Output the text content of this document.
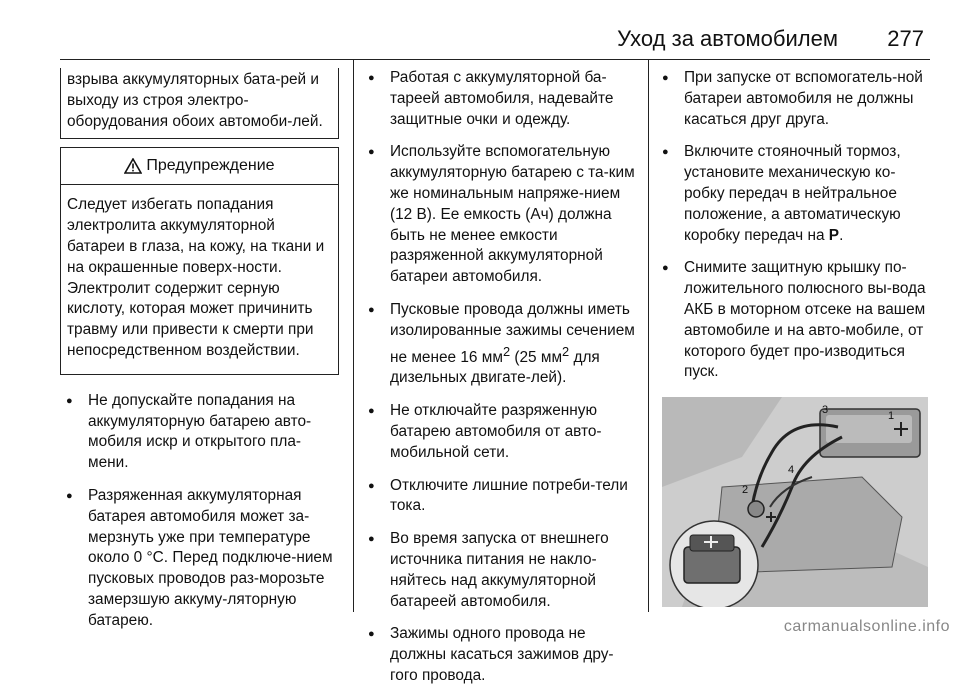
Уход за автомобилем 277

взрыва аккумуляторных бата-рей и выходу из строя электро-оборудования обоих автомоби-лей.

Предупреждение

Следует избегать попадания электролита аккумуляторной батареи в глаза, на кожу, на ткани и на окрашенные поверх-ности. Электролит содержит серную кислоту, которая может причинить травму или привести к смерти при непосредственном воздействии.

● Не допускайте попадания на аккумуляторную батарею авто-мобиля искр и открытого пла-мени.
● Разряженная аккумуляторная батарея автомобиля может за-мерзнуть уже при температуре около 0 °C. Перед подключе-нием пусковых проводов раз-морозьте замерзшую аккуму-ляторную батарею.
● Работая с аккумуляторной ба-тареей автомобиля, надевайте защитные очки и одежду.
● Используйте вспомогательную аккумуляторную батарею с та-ким же номинальным напряже-нием (12 В). Ее емкость (Ач) должна быть не менее емкости разряженной аккумуляторной батареи автомобиля.
● Пусковые провода должны иметь изолированные зажимы сечением не менее 16 $мм^2$ (25 $мм^2$ для дизельных двигате-лей).
● Не отключайте разряженную батарею автомобиля от авто-мобильной сети.
● Отключите лишние потреби-тели тока.
● Во время запуска от внешнего источника питания не накло-няйтесь над аккумуляторной батареей автомобиля.
● Зажимы одного провода не должны касаться зажимов дру-гого провода.
● При запуске от вспомогатель-ной батареи автомобиля не должны касаться друг друга.
● Включите стояночный тормоз, установите механическую ко-робку передач в нейтральное положение, а автоматическую коробку передач на P.
● Снимите защитную крышку по-ложительного полюсного вы-вода АКБ в моторном отсеке на вашем автомобиле и на авто-мобиле, от которого будет про-изводиться пуск.
1
2
3
4
carmanualsonline.info
